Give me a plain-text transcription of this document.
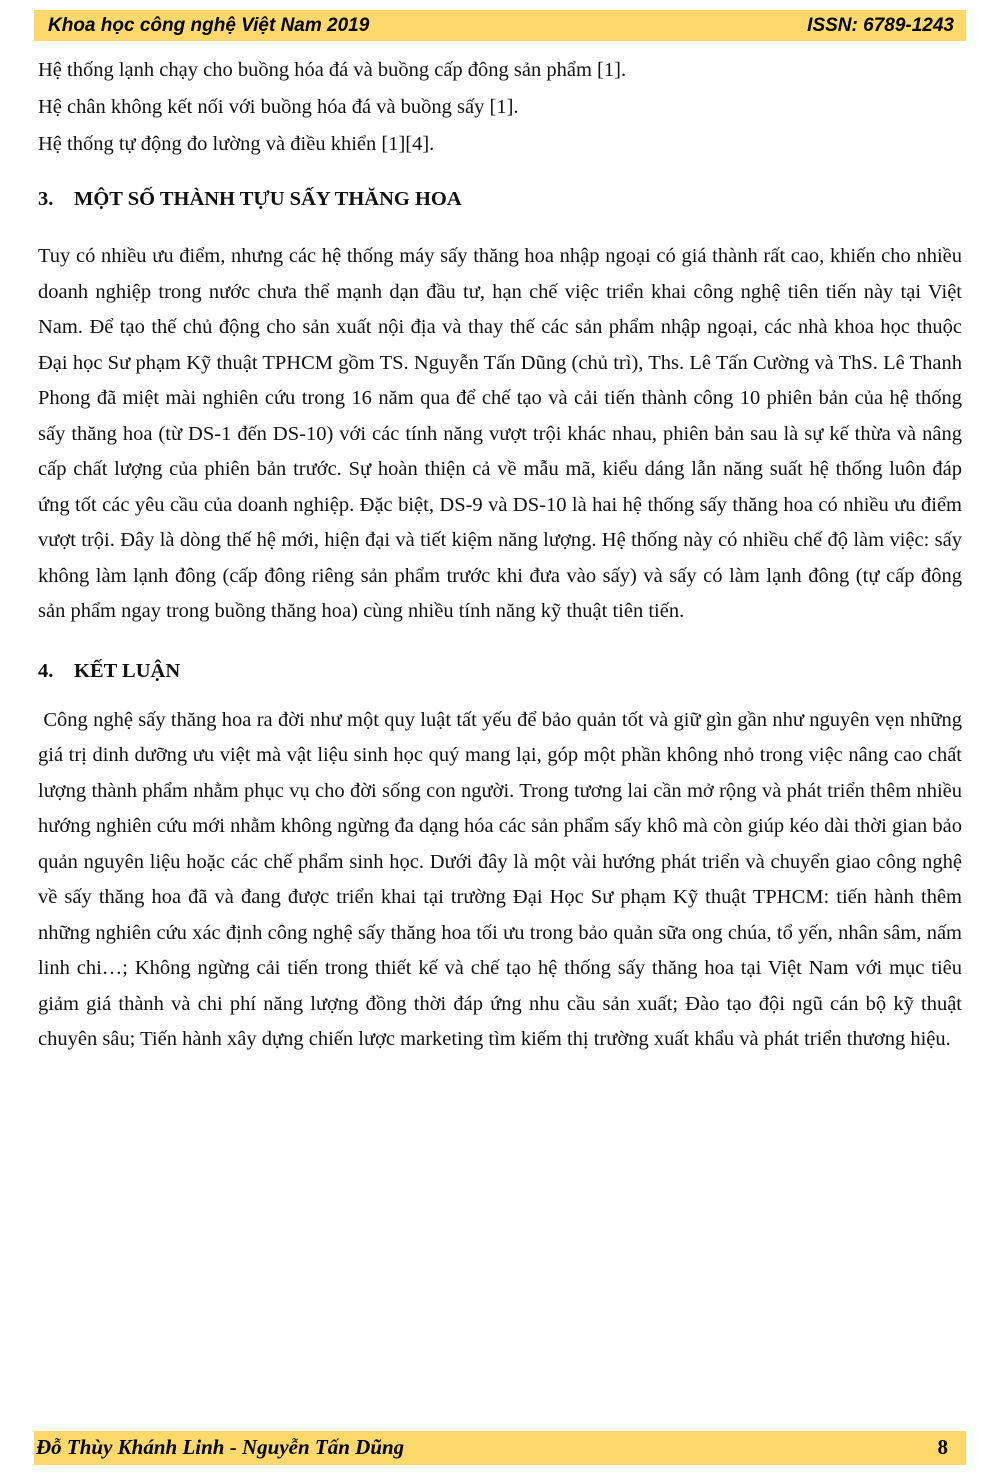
Khoa học công nghệ Việt Nam 2019	ISSN: 6789-1243
Hệ thống lạnh chạy cho buồng hóa đá và buồng cấp đông sản phẩm [1].
Hệ chân không kết nối với buồng hóa đá và buồng sấy [1].
Hệ thống tự động đo lường và điều khiển [1][4].
3. MỘT SỐ THÀNH TỰU SẤY THĂNG HOA

Tuy có nhiều ưu điểm, nhưng các hệ thống máy sấy thăng hoa nhập ngoại có giá thành rất cao, khiến cho nhiều doanh nghiệp trong nước chưa thể mạnh dạn đầu tư, hạn chế việc triển khai công nghệ tiên tiến này tại Việt Nam. Để tạo thế chủ động cho sản xuất nội địa và thay thế các sản phẩm nhập ngoại, các nhà khoa học thuộc Đại học Sư phạm Kỹ thuật TPHCM gồm TS. Nguyễn Tấn Dũng (chủ trì), Ths. Lê Tấn Cường và ThS. Lê Thanh Phong đã miệt mài nghiên cứu trong 16 năm qua để chế tạo và cải tiến thành công 10 phiên bản của hệ thống sấy thăng hoa (từ DS-1 đến DS-10) với các tính năng vượt trội khác nhau, phiên bản sau là sự kế thừa và nâng cấp chất lượng của phiên bản trước. Sự hoàn thiện cả về mẫu mã, kiểu dáng lẫn năng suất hệ thống luôn đáp ứng tốt các yêu cầu của doanh nghiệp. Đặc biệt, DS-9 và DS-10 là hai hệ thống sấy thăng hoa có nhiều ưu điểm vượt trội. Đây là dòng thế hệ mới, hiện đại và tiết kiệm năng lượng. Hệ thống này có nhiều chế độ làm việc: sấy không làm lạnh đông (cấp đông riêng sản phẩm trước khi đưa vào sấy) và sấy có làm lạnh đông (tự cấp đông sản phẩm ngay trong buồng thăng hoa) cùng nhiều tính năng kỹ thuật tiên tiến.

4. KẾT LUẬN

Công nghệ sấy thăng hoa ra đời như một quy luật tất yếu để bảo quản tốt và giữ gìn gần như nguyên vẹn những giá trị dinh dưỡng ưu việt mà vật liệu sinh học quý mang lại, góp một phần không nhỏ trong việc nâng cao chất lượng thành phẩm nhằm phục vụ cho đời sống con người. Trong tương lai cần mở rộng và phát triển thêm nhiều hướng nghiên cứu mới nhằm không ngừng đa dạng hóa các sản phẩm sấy khô mà còn giúp kéo dài thời gian bảo quản nguyên liệu hoặc các chế phẩm sinh học. Dưới đây là một vài hướng phát triển và chuyển giao công nghệ về sấy thăng hoa đã và đang được triển khai tại trường Đại Học Sư phạm Kỹ thuật TPHCM: tiến hành thêm những nghiên cứu xác định công nghệ sấy thăng hoa tối ưu trong bảo quản sữa ong chúa, tổ yến, nhân sâm, nấm linh chi…; Không ngừng cải tiến trong thiết kế và chế tạo hệ thống sấy thăng hoa tại Việt Nam với mục tiêu giảm giá thành và chi phí năng lượng đồng thời đáp ứng nhu cầu sản xuất; Đào tạo đội ngũ cán bộ kỹ thuật chuyên sâu; Tiến hành xây dựng chiến lược marketing tìm kiếm thị trường xuất khẩu và phát triển thương hiệu.

Đỗ Thùy Khánh Linh - Nguyễn Tấn Dũng	8
